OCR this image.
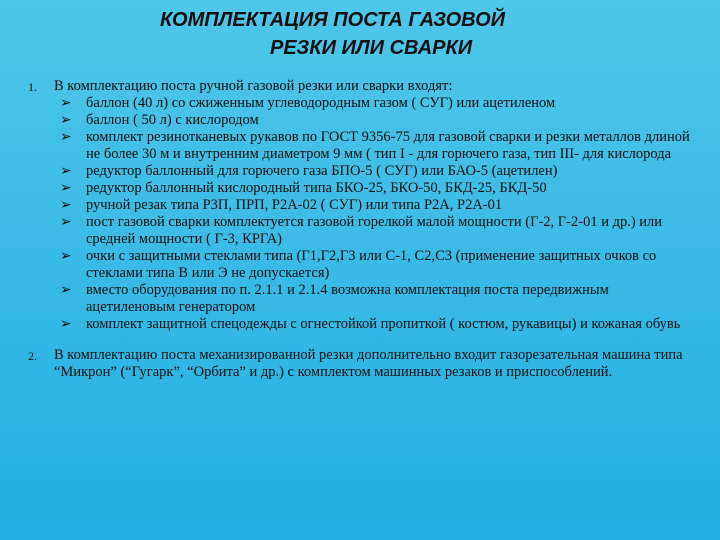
КОМПЛЕКТАЦИЯ ПОСТА ГАЗОВОЙ
РЕЗКИ ИЛИ СВАРКИ
1. В комплектацию поста ручной газовой резки или сварки входят:
➢ баллон (40 л) со сжиженным углеводородным газом ( СУГ) или ацетиленом
➢ баллон ( 50 л) с кислородом
➢ комплект резинотканевых рукавов по ГОСТ 9356-75 для газовой сварки и резки металлов длиной не более 30 м и внутренним диаметром 9 мм ( тип I - для горючего газа, тип III- для кислорода
➢ редуктор баллонный для горючего газа БПО-5 ( СУГ) или БАО-5 (ацетилен)
➢ редуктор баллонный кислородный типа БКО-25, БКО-50, БКД-25, БКД-50
➢ ручной резак типа Р3П, ПРП, Р2А-02 ( СУГ) или типа Р2А, Р2А-01
➢ пост газовой сварки комплектуется газовой горелкой малой мощности (Г-2, Г-2-01 и др.) или средней мощности ( Г-3, КРГА)
➢ очки с защитными стеклами типа (Г1,Г2,Г3 или С-1, С2,С3 (применение защитных очков со стеклами типа В или Э не допускается)
➢ вместо оборудования по п. 2.1.1 и 2.1.4 возможна комплектация поста передвижным ацетиленовым генератором
➢ комплект защитной спецодежды с огнестойкой пропиткой ( костюм, рукавицы) и кожаная обувь
2. В комплектацию поста механизированной резки дополнительно входит газорезательная машина типа “Микрон” (“Гугарк”, “Орбита” и др.) с комплектом машинных резаков и приспособлений.
